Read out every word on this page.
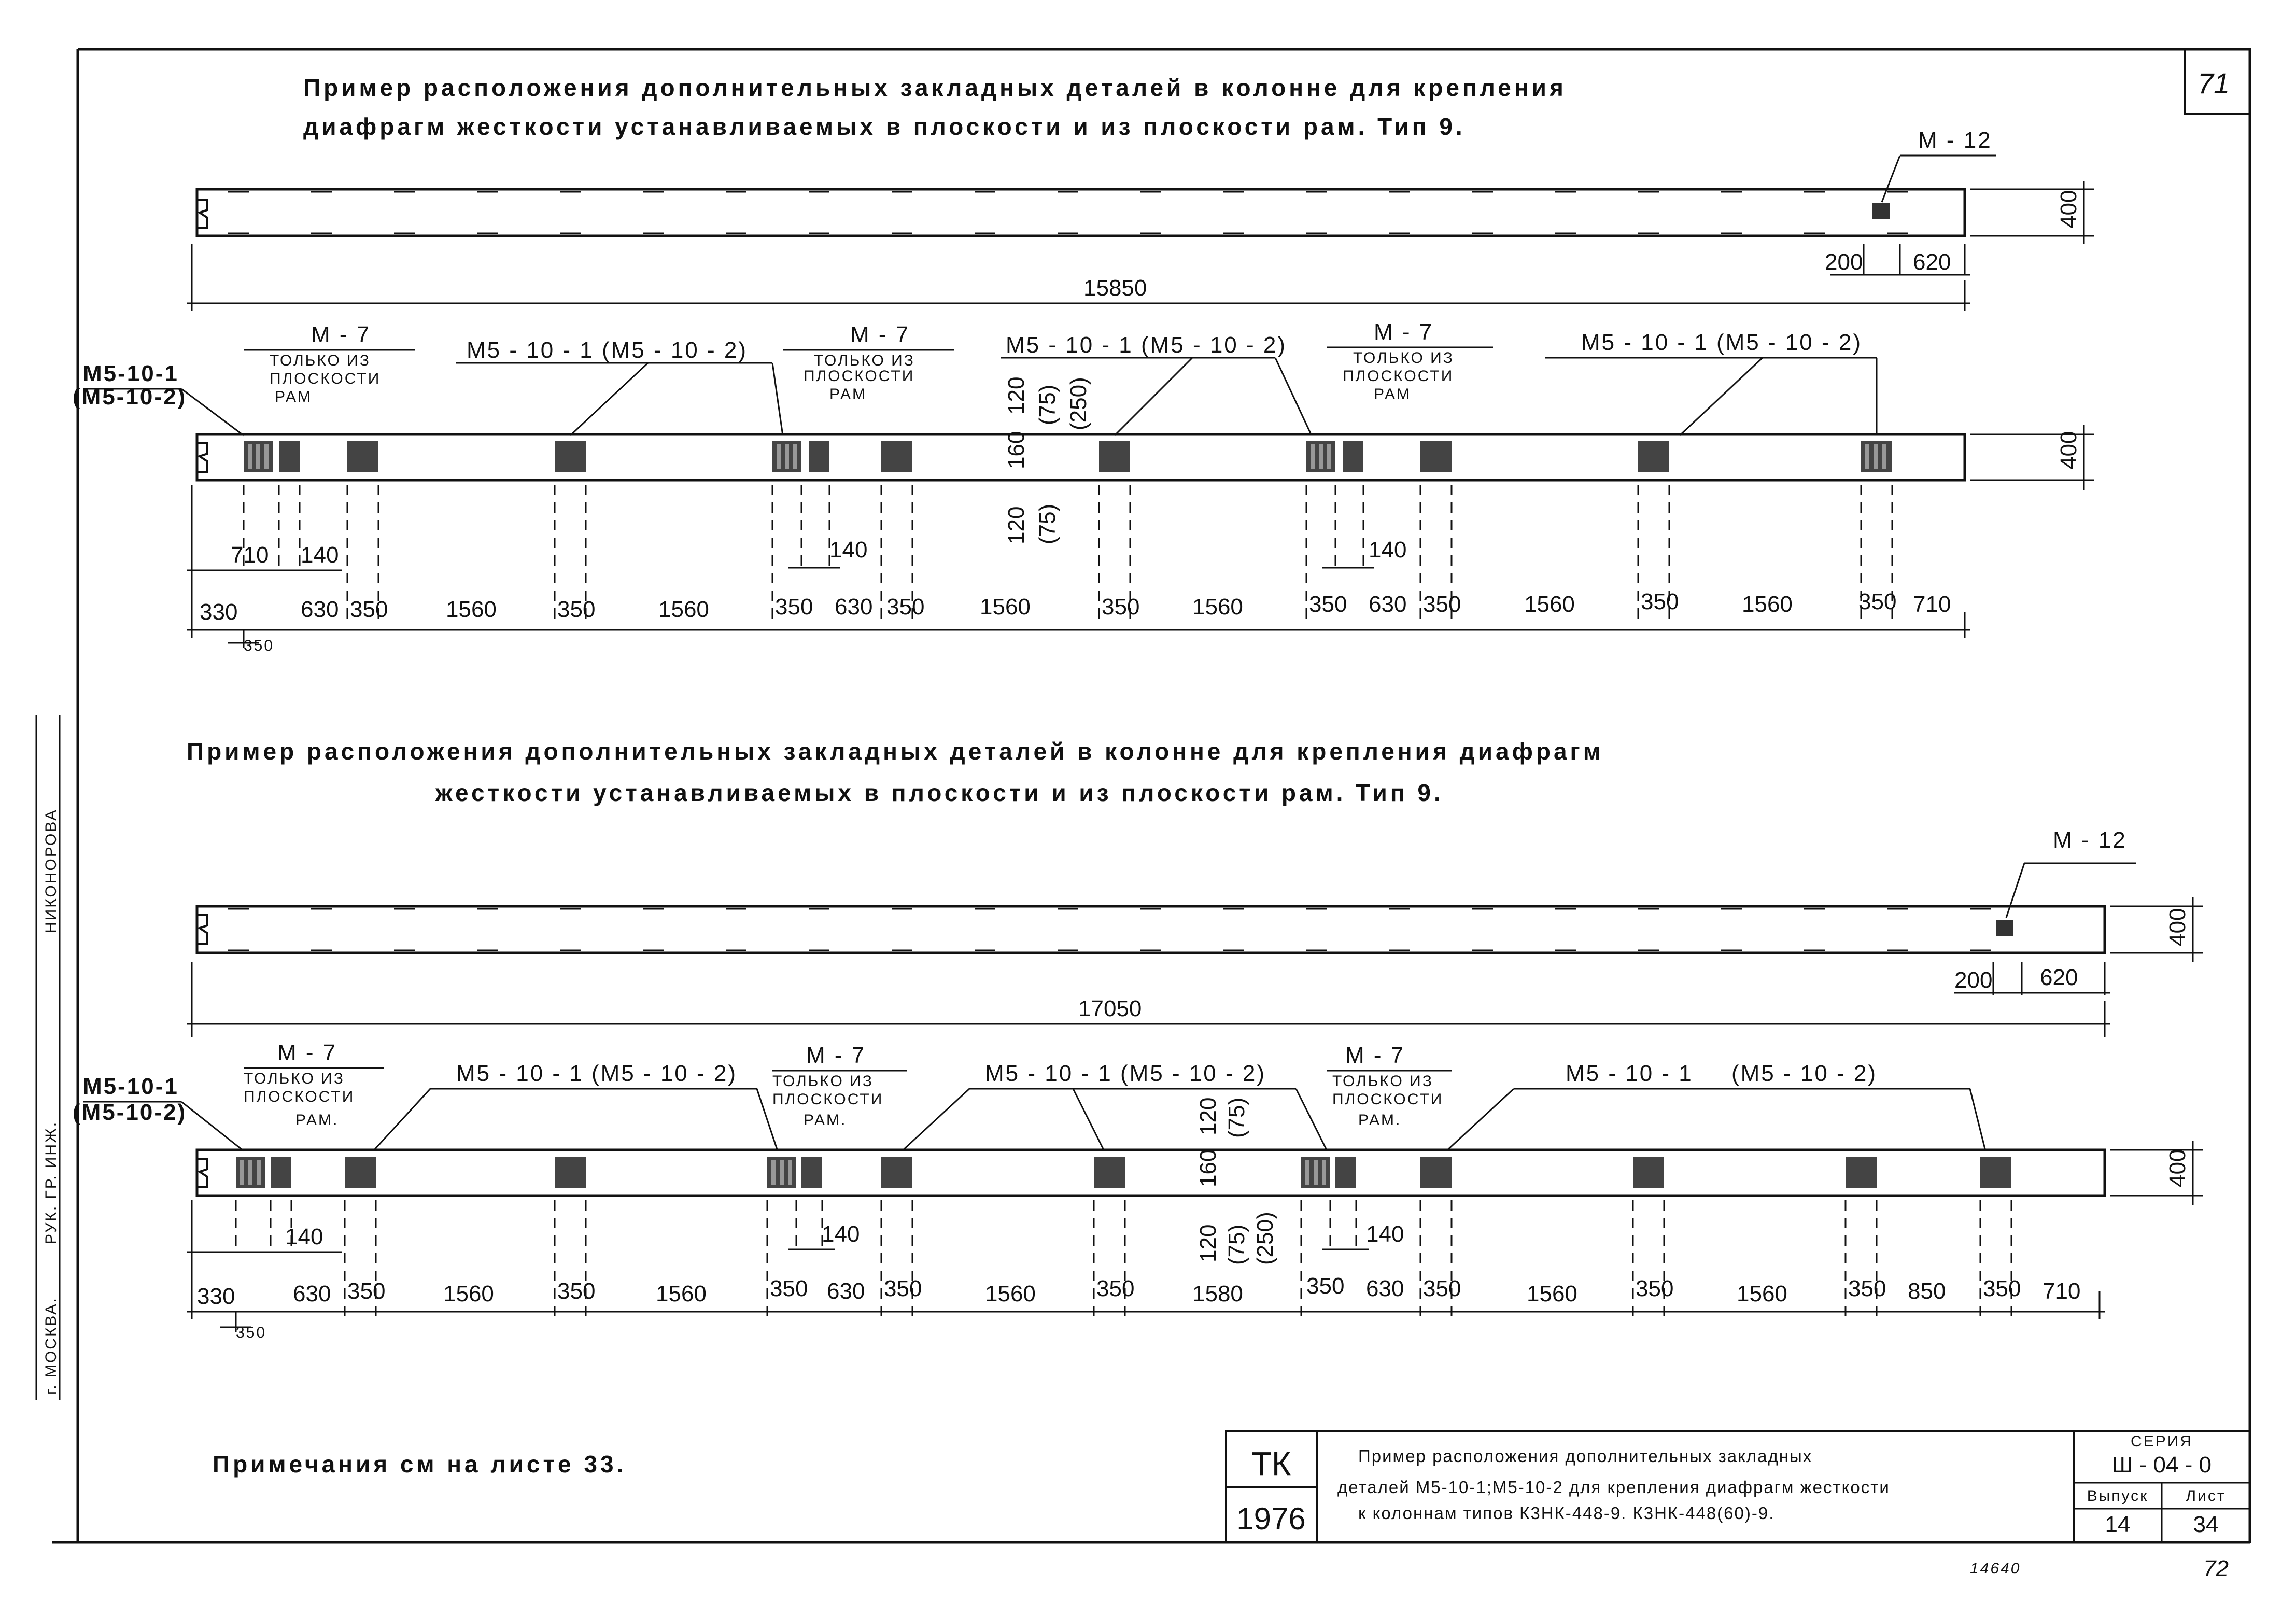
г. МОСКВА.
РУК. ГР. ИНЖ.
НИКОНОРОВА
71
Пример расположения дополнительных закладных деталей в колонне для крепления
диафрагм жесткости устанавливаемых в плоскости и из плоскости рам. Тип 9.
М - 12
400
200 620
15850
М - 7	М - 7	М - 7
ТОЛЬКО ИЗ
ПЛОСКОСТИ
РАМ
ТОЛЬКО ИЗ
ПЛОСКОСТИ
РАМ
ТОЛЬКО ИЗ
ПЛОСКОСТИ
РАМ
М5 - 10 - 1 (М5 - 10 - 2)	М5 - 10 - 1 (М5 - 10 - 2)	М5 - 10 - 1 (М5 - 10 - 2)
М5-10-1
(М5-10-2)	120 (75) (250)
160
120 (75)
400
710 140	140	140
350
330	630 350	1560	350	1560	350 630 350 1560	350 1560	350 630 350	1560	350	1560	350 710
Пример расположения дополнительных закладных деталей в колонне для крепления диафрагм
жесткости устанавливаемых в плоскости и из плоскости рам. Тип 9.
М - 12
400
200 620
17050
М - 7	М - 7	М - 7
ТОЛЬКО ИЗ
ПЛОСКОСТИ
РАМ.
ТОЛЬКО ИЗ
ПЛОСКОСТИ
РАМ.
ТОЛЬКО ИЗ
ПЛОСКОСТИ
РАМ.
М5 - 10 - 1 (М5 - 10 - 2)	М5 - 10 - 1 (М5 - 10 - 2)	М5 - 10 - 1 (М5 - 10 - 2)
М5-10-1
(М5-10-2)	120 (75)
160
120 (75) (250)
400
140	140	140
350
330	630 350	1560	350	1560	350 630 350	1560	350	1580	350 630 350	1560	350	1560	350 850 350 710
Примечания см на листе 33.	ТК
1976
Пример расположения дополнительных закладных
деталей М5-10-1;М5-10-2 для крепления диафрагм жесткости
к колоннам типов К3НК-448-9. К3НК-448(60)-9.
СЕРИЯ
Ш - 04 - 0
Выпуск
14
Лист
34
14640	72
